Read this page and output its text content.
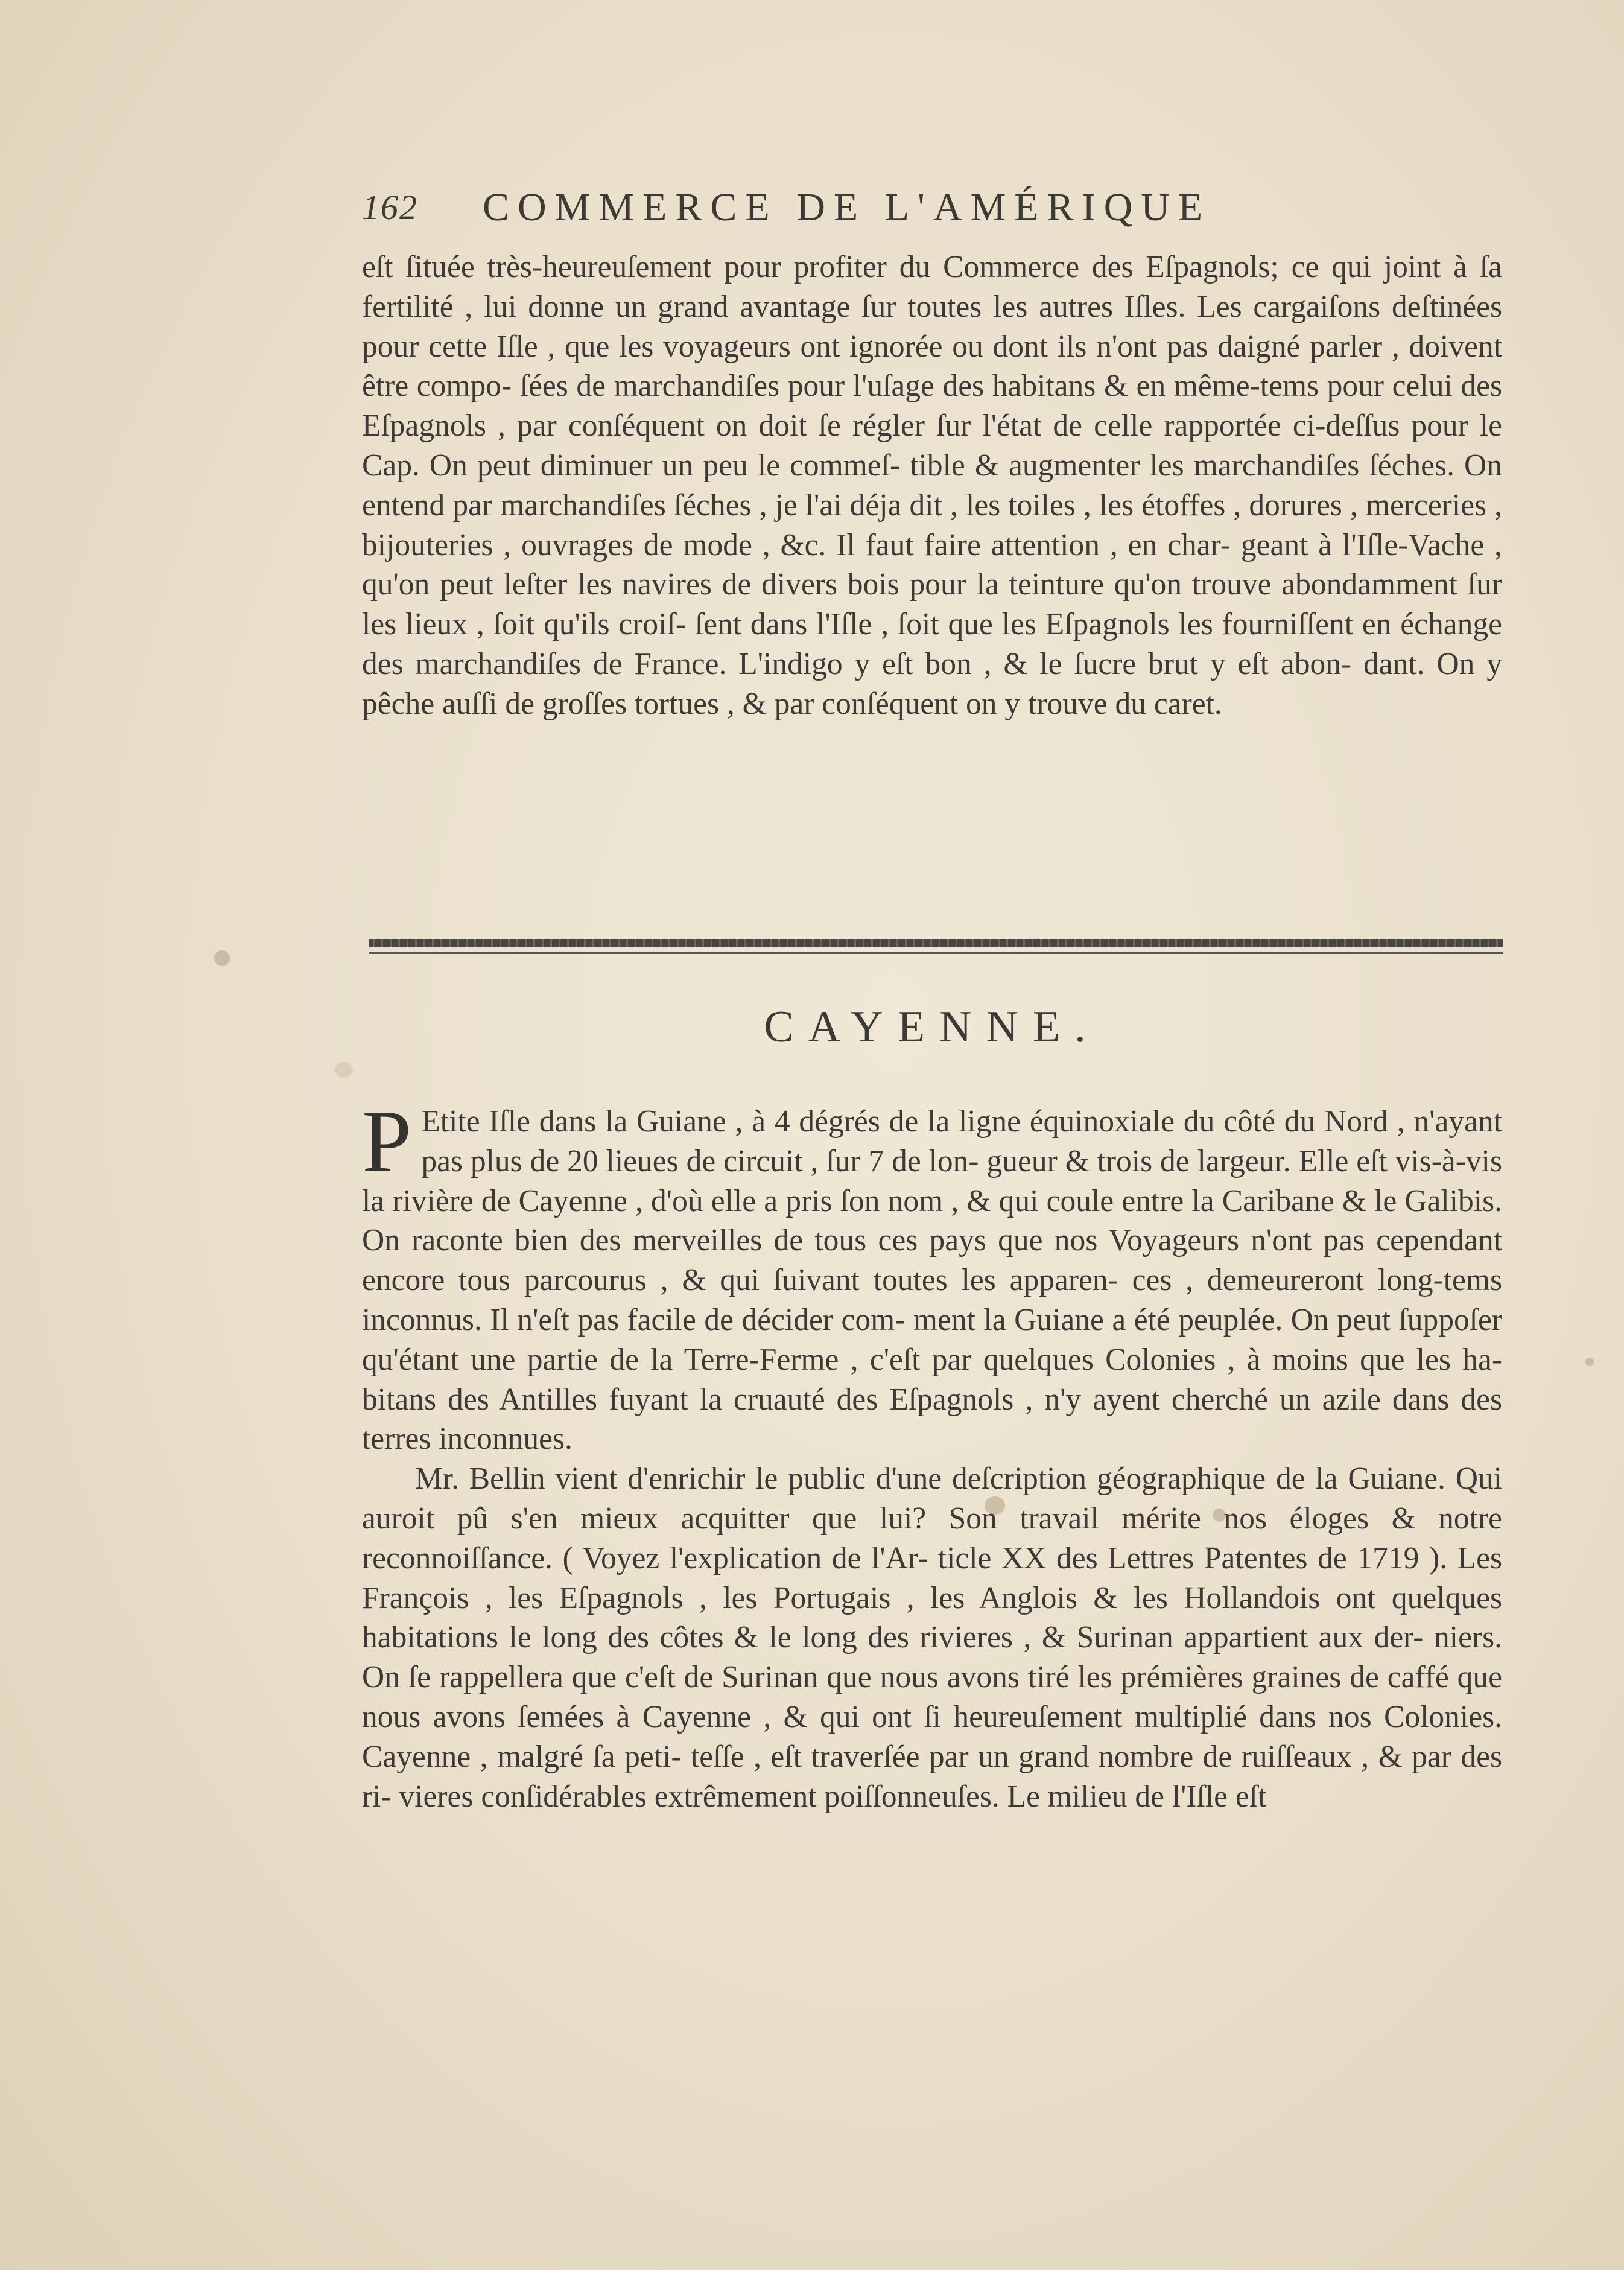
162 COMMERCE DE L'AMÉRIQUE

eſt ſituée très-heureuſement pour profiter du Commerce des Eſpagnols; ce qui joint à ſa fertilité , lui donne un grand avantage ſur toutes les autres Iſles. Les cargaiſons deſtinées pour cette Iſle , que les voyageurs ont ignorée ou dont ils n'ont pas daigné parler , doivent être compo- ſées de marchandiſes pour l'uſage des habitans & en même-tems pour celui des Eſpagnols , par conſéquent on doit ſe régler ſur l'état de celle rapportée ci-deſſus pour le Cap. On peut diminuer un peu le commeſ- tible & augmenter les marchandiſes ſéches. On entend par marchandiſes ſéches , je l'ai déja dit , les toiles , les étoffes , dorures , merceries , bijouteries , ouvrages de mode , &c. Il faut faire attention , en char- geant à l'Iſle-Vache , qu'on peut leſter les navires de divers bois pour la teinture qu'on trouve abondamment ſur les lieux , ſoit qu'ils croiſ- ſent dans l'Iſle , ſoit que les Eſpagnols les fourniſſent en échange des marchandiſes de France. L'indigo y eſt bon , & le ſucre brut y eſt abon- dant. On y pêche auſſi de groſſes tortues , & par conſéquent on y trouve du caret.

CAYENNE.

P Etite Iſle dans la Guiane , à 4 dégrés de la ligne équinoxiale du côté du Nord , n'ayant pas plus de 20 lieues de circuit , ſur 7 de lon- gueur & trois de largeur. Elle eſt vis-à-vis la rivière de Cayenne , d'où elle a pris ſon nom , & qui coule entre la Caribane & le Galibis. On raconte bien des merveilles de tous ces pays que nos Voyageurs n'ont pas cependant encore tous parcourus , & qui ſuivant toutes les apparen- ces , demeureront long-tems inconnus. Il n'eſt pas facile de décider com- ment la Guiane a été peuplée. On peut ſuppoſer qu'étant une partie de la Terre-Ferme , c'eſt par quelques Colonies , à moins que les ha- bitans des Antilles fuyant la cruauté des Eſpagnols , n'y ayent cherché un azile dans des terres inconnues.

Mr. Bellin vient d'enrichir le public d'une deſcription géographique de la Guiane. Qui auroit pû s'en mieux acquitter que lui? Son travail mérite nos éloges & notre reconnoiſſance. ( Voyez l'explication de l'Ar- ticle XX des Lettres Patentes de 1719 ). Les François , les Eſpagnols , les Portugais , les Anglois & les Hollandois ont quelques habitations le long des côtes & le long des rivieres , & Surinan appartient aux der- niers. On ſe rappellera que c'eſt de Surinan que nous avons tiré les prémières graines de caffé que nous avons ſemées à Cayenne , & qui ont ſi heureuſement multiplié dans nos Colonies. Cayenne , malgré ſa peti- teſſe , eſt traverſée par un grand nombre de ruiſſeaux , & par des ri- vieres conſidérables extrêmement poiſſonneuſes. Le milieu de l'Iſle eſt
